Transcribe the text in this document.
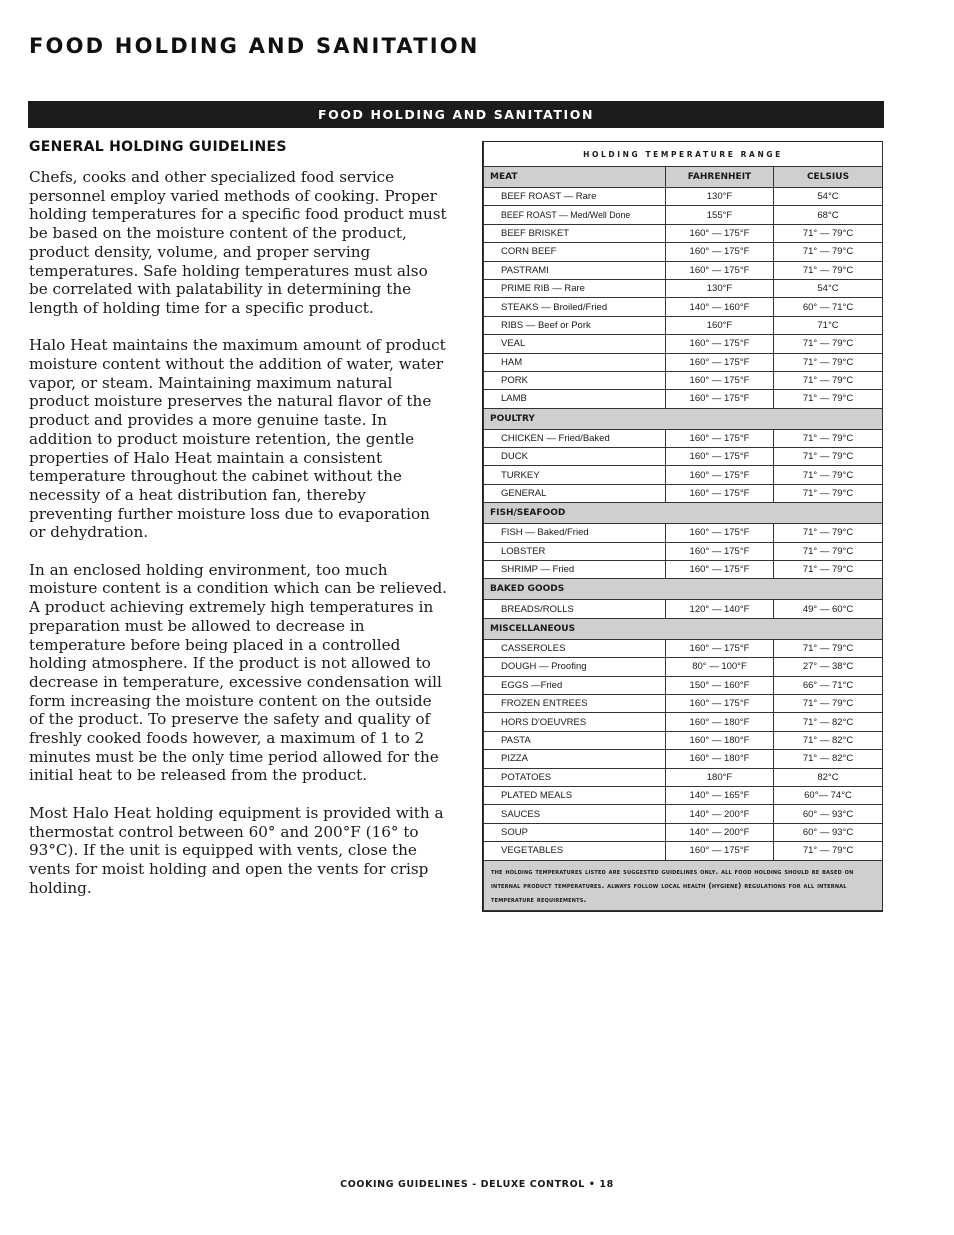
FOOD HOLDING AND SANITATION
FOOD HOLDING AND SANITATION
GENERAL HOLDING GUIDELINES

Chefs, cooks and other specialized food service personnel employ varied methods of cooking. Proper holding temperatures for a specific food product must be based on the moisture content of the product, product density, volume, and proper serving temperatures. Safe holding temperatures must also be correlated with palatability in determining the length of holding time for a specific product.

Halo Heat maintains the maximum amount of product moisture content without the addition of water, water vapor, or steam. Maintaining maximum natural product moisture preserves the natural flavor of the product and provides a more genuine taste. In addition to product moisture retention, the gentle properties of Halo Heat maintain a consistent temperature throughout the cabinet without the necessity of a heat distribution fan, thereby preventing further moisture loss due to evaporation or dehydration.

In an enclosed holding environment, too much moisture content is a condition which can be relieved. A product achieving extremely high temperatures in preparation must be allowed to decrease in temperature before being placed in a controlled holding atmosphere. If the product is not allowed to decrease in temperature, excessive condensation will form increasing the moisture content on the outside of the product. To preserve the safety and quality of freshly cooked foods however, a maximum of 1 to 2 minutes must be the only time period allowed for the initial heat to be released from the product.

Most Halo Heat holding equipment is provided with a thermostat control between 60° and 200°F (16° to 93°C). If the unit is equipped with vents, close the vents for moist holding and open the vents for crisp holding.

HOLDING TEMPERATURE RANGE		
MEAT	FAHRENHEIT	CELSIUS
BEEF ROAST — Rare	130°F	54°C
BEEF ROAST — Med/Well Done	155°F	68°C
BEEF BRISKET	160° — 175°F	71° — 79°C
CORN BEEF	160° — 175°F	71° — 79°C
PASTRAMI	160° — 175°F	71° — 79°C
PRIME RIB — Rare	130°F	54°C
STEAKS — Broiled/Fried	140° — 160°F	60° — 71°C
RIBS — Beef or Pork	160°F	71°C
VEAL	160° — 175°F	71° — 79°C
HAM	160° — 175°F	71° — 79°C
PORK	160° — 175°F	71° — 79°C
LAMB	160° — 175°F	71° — 79°C
POULTRY		
CHICKEN — Fried/Baked	160° — 175°F	71° — 79°C
DUCK	160° — 175°F	71° — 79°C
TURKEY	160° — 175°F	71° — 79°C
GENERAL	160° — 175°F	71° — 79°C
FISH/SEAFOOD		
FISH — Baked/Fried	160° — 175°F	71° — 79°C
LOBSTER	160° — 175°F	71° — 79°C
SHRIMP — Fried	160° — 175°F	71° — 79°C
BAKED GOODS		
BREADS/ROLLS	120° — 140°F	49° — 60°C
MISCELLANEOUS		
CASSEROLES	160° — 175°F	71° — 79°C
DOUGH — Proofing	80° — 100°F	27° — 38°C
EGGS —Fried	150° — 160°F	66° — 71°C
FROZEN ENTREES	160° — 175°F	71° — 79°C
HORS D'OEUVRES	160° — 180°F	71° — 82°C
PASTA	160° — 180°F	71° — 82°C
PIZZA	160° — 180°F	71° — 82°C
POTATOES	180°F	82°C
PLATED MEALS	140° — 165°F	60°— 74°C
SAUCES	140° — 200°F	60° — 93°C
SOUP	140° — 200°F	60° — 93°C
VEGETABLES	160° — 175°F	71° — 79°C
the holding temperatures listed are suggested guidelines only. all food holding should be based on internal product temperatures. always follow local health (hygiene) regulations for all internal temperature requirements.		
COOKING GUIDELINES - DELUXE CONTROL • 18
